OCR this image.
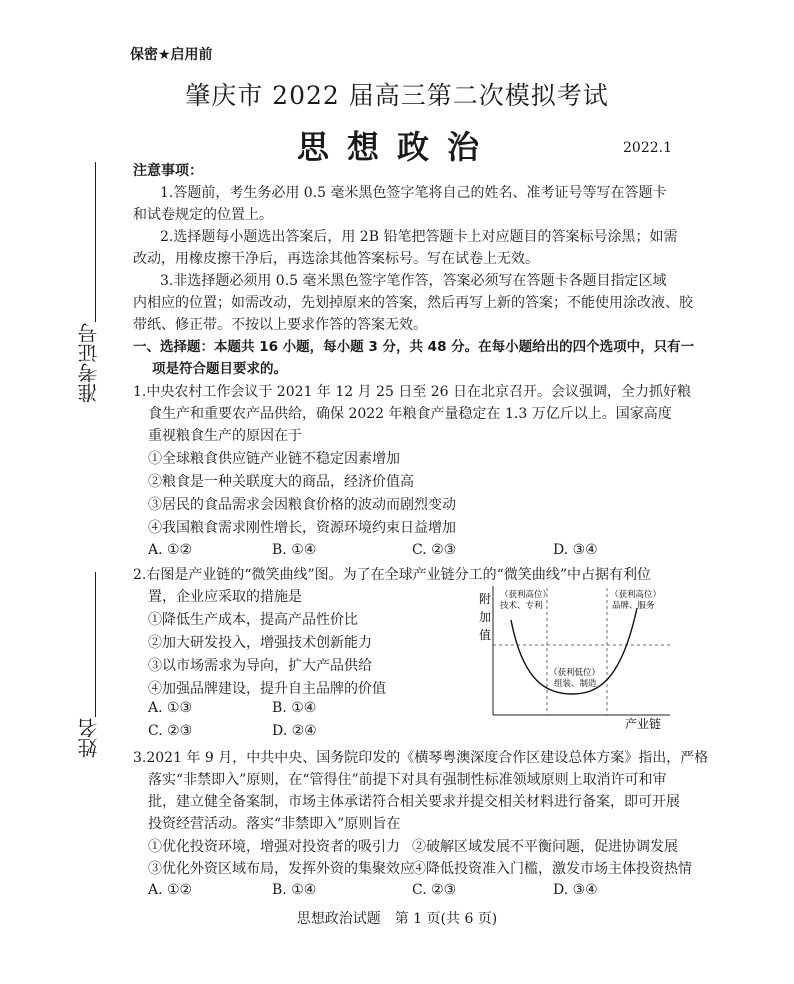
保密★启用前
肇庆市 2022 届高三第二次模拟考试
思想政治	2022.1
准考证号
姓名
注意事项：
1.答题前，考生务必用 0.5 毫米黑色签字笔将自己的姓名、准考证号等写在答题卡
和试卷规定的位置上。
2.选择题每小题选出答案后，用 2B 铅笔把答题卡上对应题目的答案标号涂黑；如需
改动，用橡皮擦干净后，再选涂其他答案标号。写在试卷上无效。
3.非选择题必须用 0.5 毫米黑色签字笔作答，答案必须写在答题卡各题目指定区域
内相应的位置；如需改动，先划掉原来的答案，然后再写上新的答案；不能使用涂改液、胶
带纸、修正带。不按以上要求作答的答案无效。
一、选择题：本题共 16 小题，每小题 3 分，共 48 分。在每小题给出的四个选项中，只有一
项是符合题目要求的。
1.中央农村工作会议于 2021 年 12 月 25 日至 26 日在北京召开。会议强调，全力抓好粮
食生产和重要农产品供给，确保 2022 年粮食产量稳定在 1.3 万亿斤以上。国家高度
重视粮食生产的原因在于
①全球粮食供应链产业链不稳定因素增加
②粮食是一种关联度大的商品，经济价值高
③居民的食品需求会因粮食价格的波动而剧烈变动
④我国粮食需求刚性增长，资源环境约束日益增加
A. ①②	B. ①④	C. ②③	D. ③④
2.右图是产业链的“微笑曲线”图。为了在全球产业链分工的“微笑曲线”中占据有利位
置，企业应采取的措施是
①降低生产成本，提高产品性价比
②加大研发投入，增强技术创新能力
③以市场需求为导向，扩大产品供给
④加强品牌建设，提升自主品牌的价值
A. ①③	B. ①④
C. ②③	D. ②④
附
加
值
（获利高位）
技术、专利
（获利高位）
品牌、服务
（获利低位）
组装、制造
产业链
3.2021 年 9 月，中共中央、国务院印发的《横琴粤澳深度合作区建设总体方案》指出，严格
落实“非禁即入”原则，在“管得住”前提下对具有强制性标准领域原则上取消许可和审
批，建立健全备案制，市场主体承诺符合相关要求并提交相关材料进行备案，即可开展
投资经营活动。落实“非禁即入”原则旨在
①优化投资环境，增强对投资者的吸引力 ②破解区域发展不平衡问题，促进协调发展
③优化外资区域布局，发挥外资的集聚效应
④降低投资准入门槛，激发市场主体投资热情
A. ①②	B. ①④	C. ②③	D. ③④
思想政治试题　第 1 页(共 6 页)
